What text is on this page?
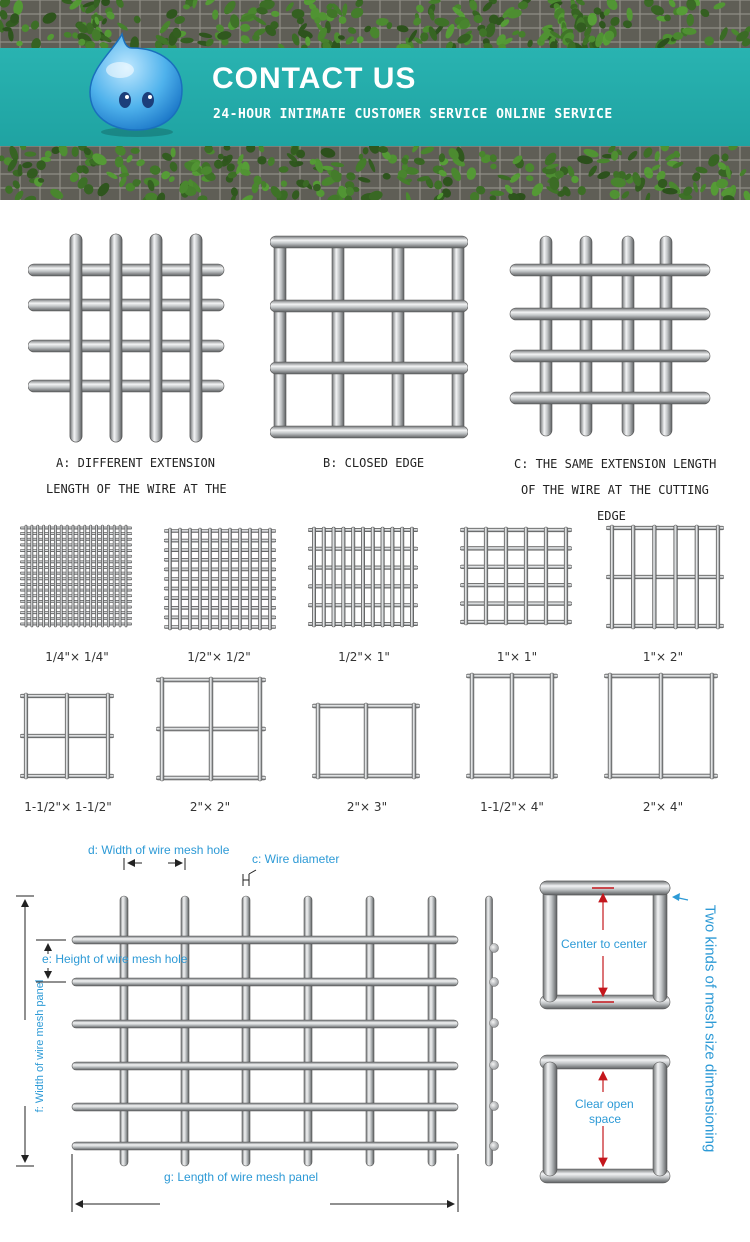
CONTACT US
24-HOUR INTIMATE CUSTOMER SERVICE ONLINE SERVICE
A: DIFFERENT EXTENSION
LENGTH OF THE WIRE AT THE
B: CLOSED EDGE	C: THE SAME EXTENSION LENGTH
OF THE WIRE AT THE CUTTING
EDGE
1/4"× 1/4"	1/2"× 1/2"	1/2"× 1"	1"× 1"	1"× 2"
1-1/2"× 1-1/2"	2"× 2"	2"× 3"	1-1/2"× 4"	2"× 4"
d: Width of wire mesh hole
c: Wire diameter
e: Height of wire mesh hole
f: Width of wire mesh panel
g: Length of wire mesh panel
Center to center
Clear open
space	Two kinds of mesh size dimensioning
